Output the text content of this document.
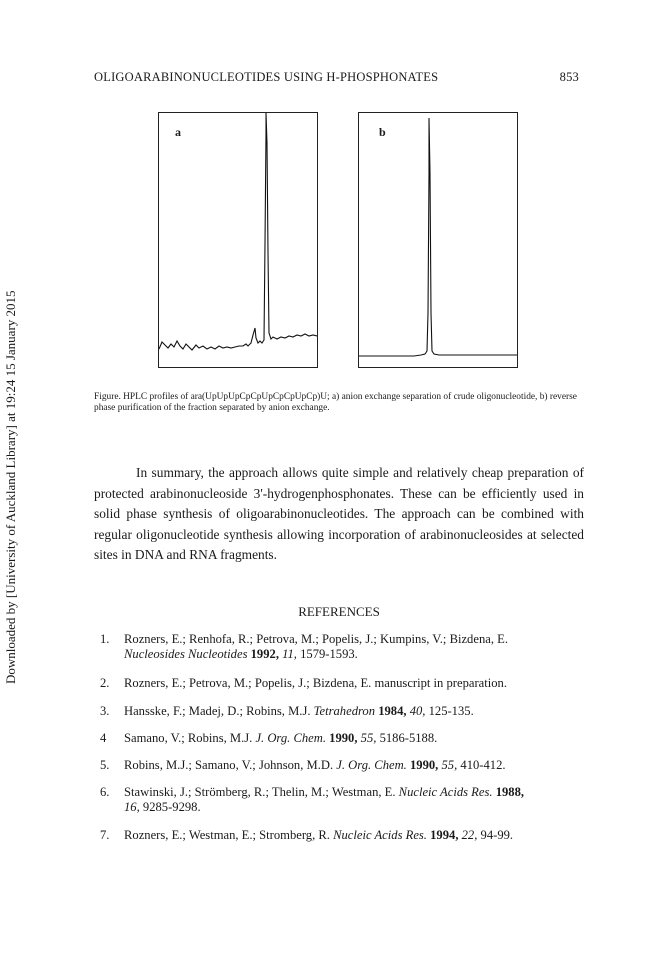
OLIGOARABINONUCLEOTIDES USING H-PHOSPHONATES	853
Downloaded by [University of Auckland Library] at 19:24 15 January 2015
a	b
Figure. HPLC profiles of ara(UpUpUpCpCpUpCpCpUpCp)U; a) anion exchange separation of crude oligonucleotide, b) reverse phase purification of the fraction separated by anion exchange.
In summary, the approach allows quite simple and relatively cheap preparation of protected arabinonucleoside 3'-hydrogenphosphonates. These can be efficiently used in solid phase synthesis of oligoarabinonucleotides. The approach can be combined with regular oligonucleotide synthesis allowing incorporation of arabinonucleosides at selected sites in DNA and RNA fragments.
REFERENCES
1. Rozners, E.; Renhofa, R.; Petrova, M.; Popelis, J.; Kumpins, V.; Bizdena, E.
Nucleosides Nucleotides 1992, 11, 1579-1593.
2. Rozners, E.; Petrova, M.; Popelis, J.; Bizdena, E. manuscript in preparation.
3. Hansske, F.; Madej, D.; Robins, M.J. Tetrahedron 1984, 40, 125-135.
4 Samano, V.; Robins, M.J. J. Org. Chem. 1990, 55, 5186-5188.
5. Robins, M.J.; Samano, V.; Johnson, M.D. J. Org. Chem. 1990, 55, 410-412.
6. Stawinski, J.; Strömberg, R.; Thelin, M.; Westman, E. Nucleic Acids Res. 1988,
16, 9285-9298.
7. Rozners, E.; Westman, E.; Stromberg, R. Nucleic Acids Res. 1994, 22, 94-99.
